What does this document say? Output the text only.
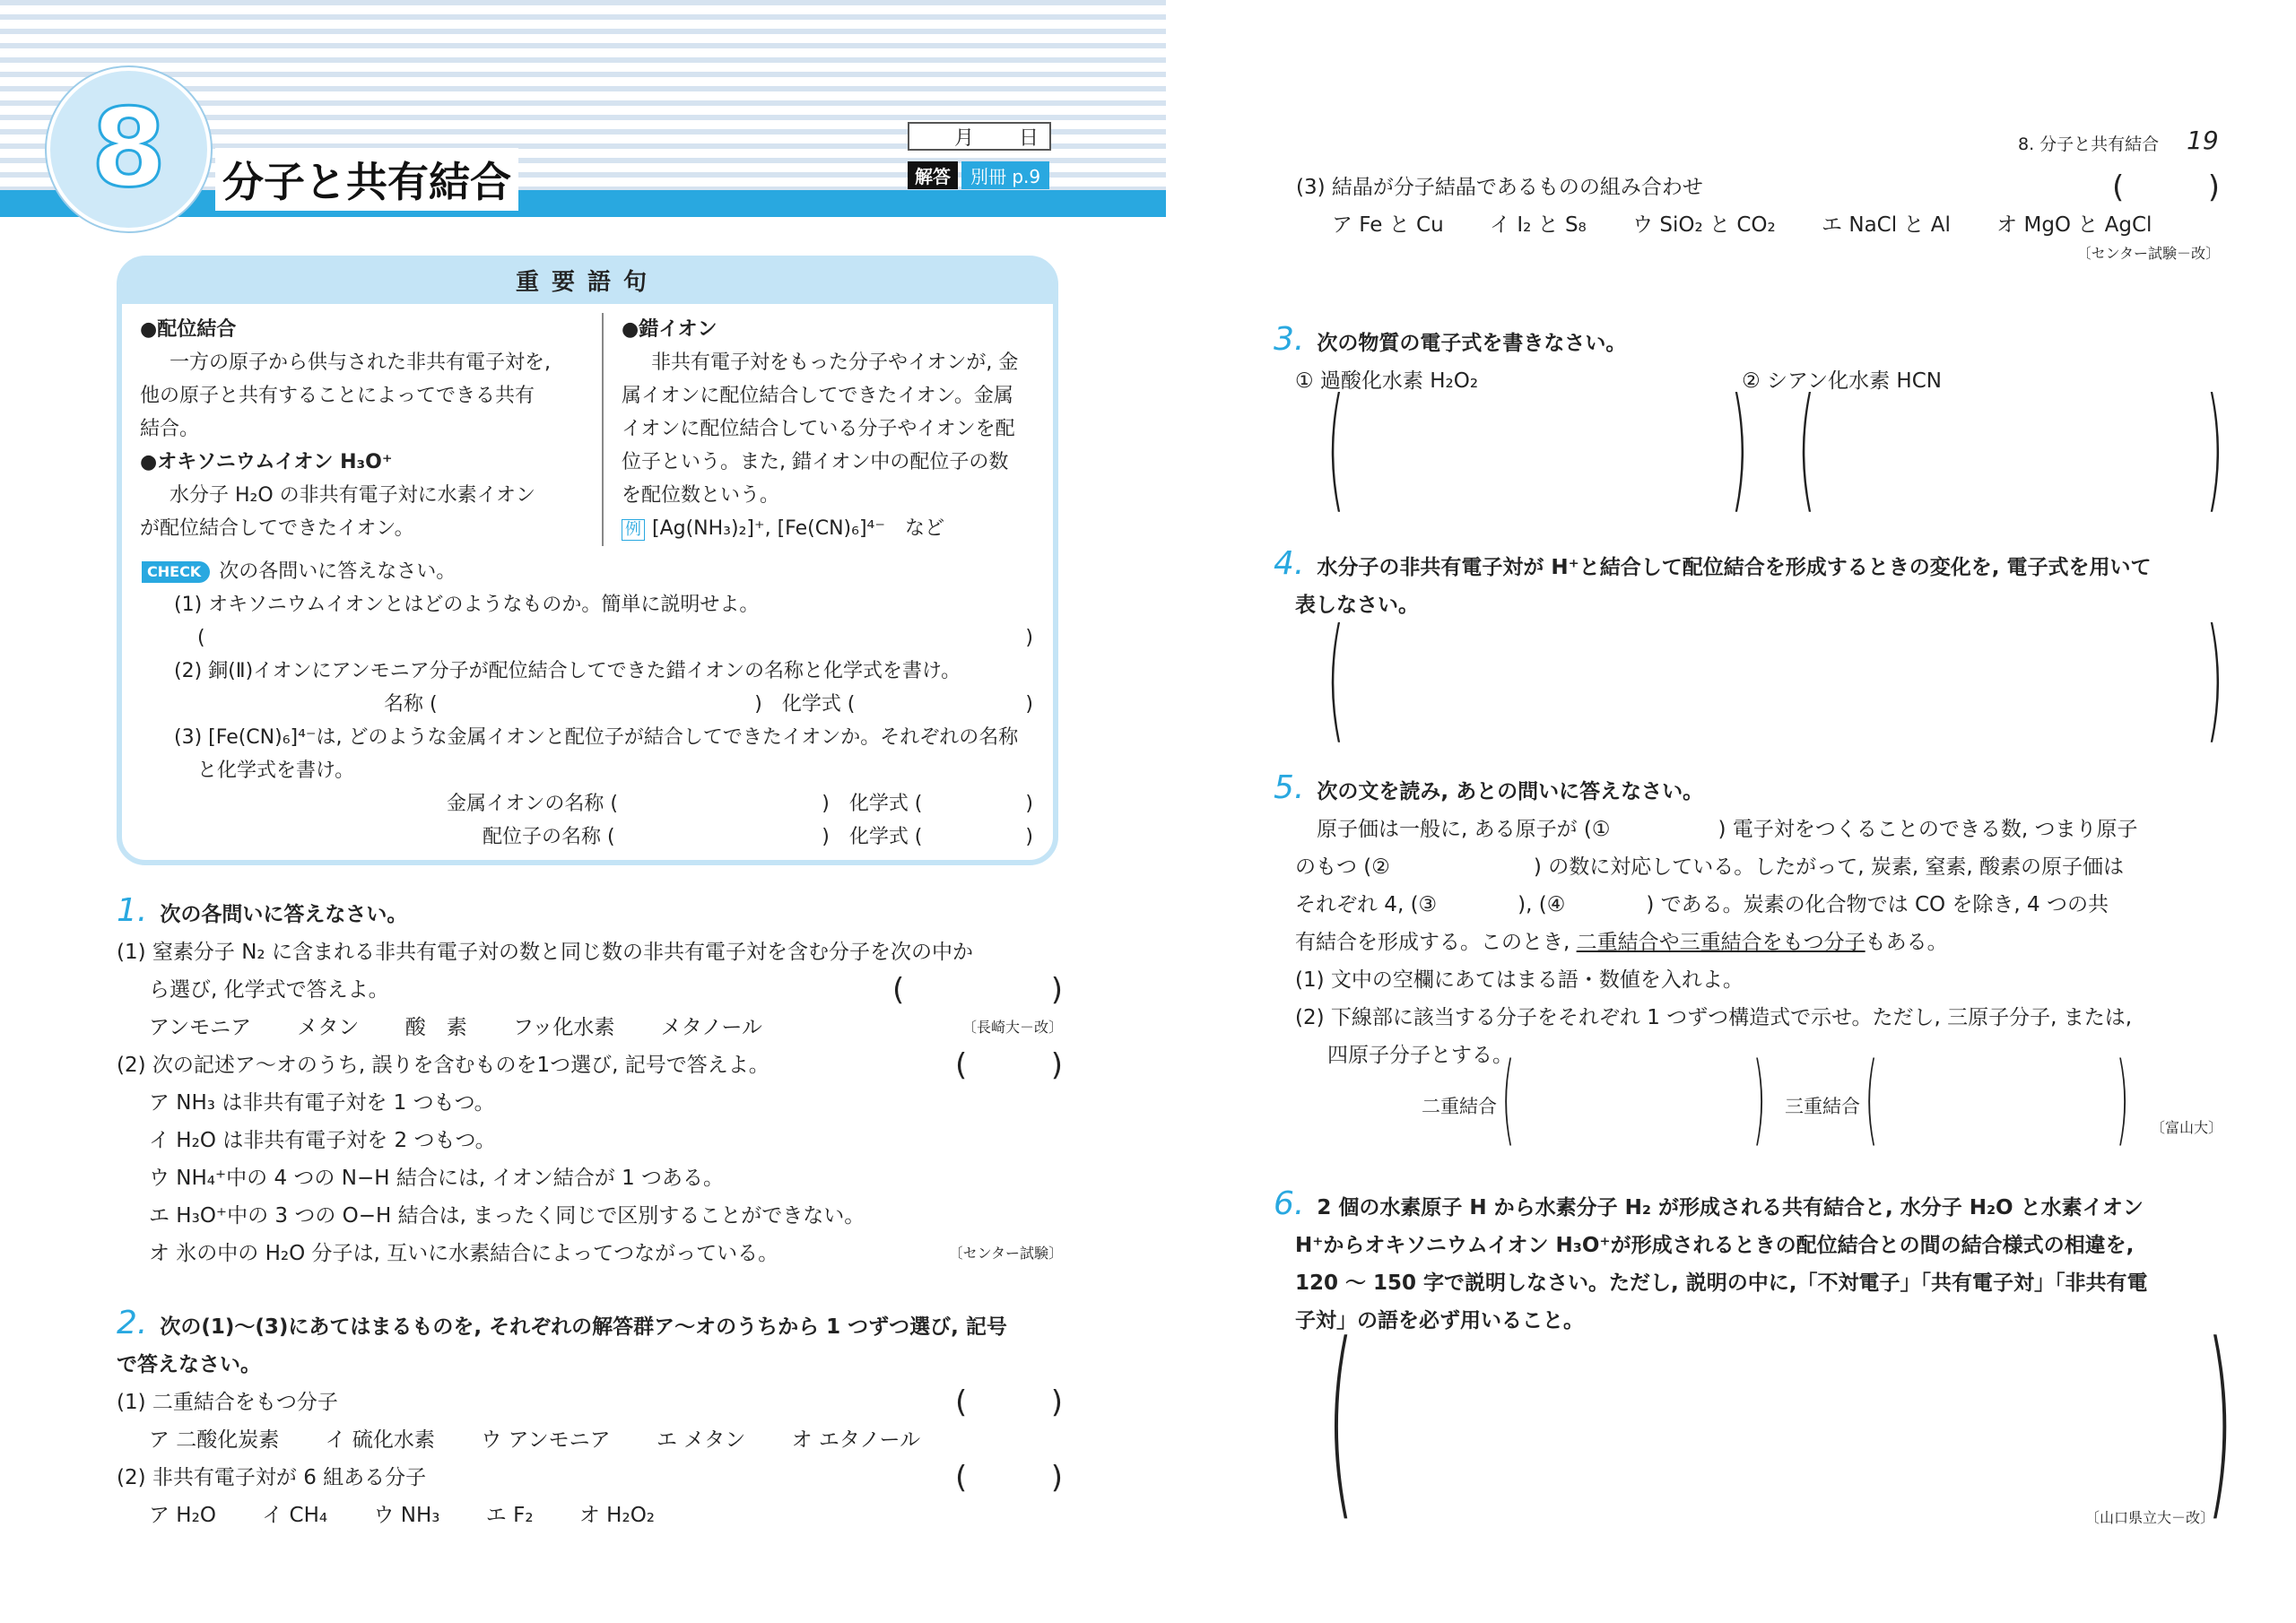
8 分子と共有結合
月 日
解答	別冊 p.9
重要語句
●配位結合
一方の原子から供与された非共有電子対を,
他の原子と共有することによってできる共有
結合。
●オキソニウムイオン H₃O⁺
水分子 H₂O の非共有電子対に水素イオン
が配位結合してできたイオン。
●錯イオン
非共有電子対をもった分子やイオンが, 金
属イオンに配位結合してできたイオン。金属
イオンに配位結合している分子やイオンを配
位子という。また, 錯イオン中の配位子の数
を配位数という。
例 [Ag(NH₃)₂]⁺, [Fe(CN)₆]⁴⁻　など
CHECK 次の各問いに答えなさい。
(1) オキソニウムイオンとはどのようなものか。簡単に説明せよ。
(	)
(2) 銅(Ⅱ)イオンにアンモニア分子が配位結合してできた錯イオンの名称と化学式を書け。
名称 (	)　化学式 (	)
(3) [Fe(CN)₆]⁴⁻は, どのような金属イオンと配位子が結合してできたイオンか。それぞれの名称
と化学式を書け。
金属イオンの名称 (	)　化学式 (	)
配位子の名称 (	)　化学式 (	)
1. 次の各問いに答えなさい。
(1) 窒素分子 N₂ に含まれる非共有電子対の数と同じ数の非共有電子対を含む分子を次の中か
ら選び, 化学式で答えよ。	(	)
アンモニア メタン 酸　素 フッ化水素 メタノール	〔長崎大－改〕
(2) 次の記述ア～オのうち, 誤りを含むものを1つ選び, 記号で答えよ。	(	)
ア NH₃ は非共有電子対を 1 つもつ。
イ H₂O は非共有電子対を 2 つもつ。
ウ NH₄⁺中の 4 つの N−H 結合には, イオン結合が 1 つある。
エ H₃O⁺中の 3 つの O−H 結合は, まったく同じで区別することができない。
オ 氷の中の H₂O 分子は, 互いに水素結合によってつながっている。	〔センター試験〕
2. 次の(1)～(3)にあてはまるものを, それぞれの解答群ア～オのうちから 1 つずつ選び, 記号
で答えなさい。
(1) 二重結合をもつ分子	(	)
ア 二酸化炭素 イ 硫化水素 ウ アンモニア エ メタン オ エタノール
(2) 非共有電子対が 6 組ある分子	(	)
ア H₂O イ CH₄ ウ NH₃ エ F₂ オ H₂O₂
8. 分子と共有結合 19
(3) 結晶が分子結晶であるものの組み合わせ	(	)
ア Fe と Cu イ I₂ と S₈ ウ SiO₂ と CO₂ エ NaCl と Al オ MgO と AgCl
〔センター試験－改〕
3. 次の物質の電子式を書きなさい。
① 過酸化水素 H₂O₂	② シアン化水素 HCN
(	) (	)
4. 水分子の非共有電子対が H⁺と結合して配位結合を形成するときの変化を, 電子式を用いて
表しなさい。
(	)
5. 次の文を読み, あとの問いに答えなさい。
原子価は一般に, ある原子が (①	) 電子対をつくることのできる数, つまり原子
のもつ (②	) の数に対応している。したがって, 炭素, 窒素, 酸素の原子価は
それぞれ 4, (③	), (④	) である。炭素の化合物では CO を除き, 4 つの共
有結合を形成する。このとき, 二重結合や三重結合をもつ分子もある。
(1) 文中の空欄にあてはまる語・数値を入れよ。
(2) 下線部に該当する分子をそれぞれ 1 つずつ構造式で示せ。ただし, 三原子分子, または,
四原子分子とする。
二重結合 ( ) 三重結合 ( ) 〔富山大〕
6. 2 個の水素原子 H から水素分子 H₂ が形成される共有結合と, 水分子 H₂O と水素イオン
H⁺からオキソニウムイオン H₃O⁺が形成されるときの配位結合との間の結合様式の相違を,
120 ～ 150 字で説明しなさい。ただし, 説明の中に,「不対電子」「共有電子対」「非共有電
子対」の語を必ず用いること。
(	)
〔山口県立大－改〕
